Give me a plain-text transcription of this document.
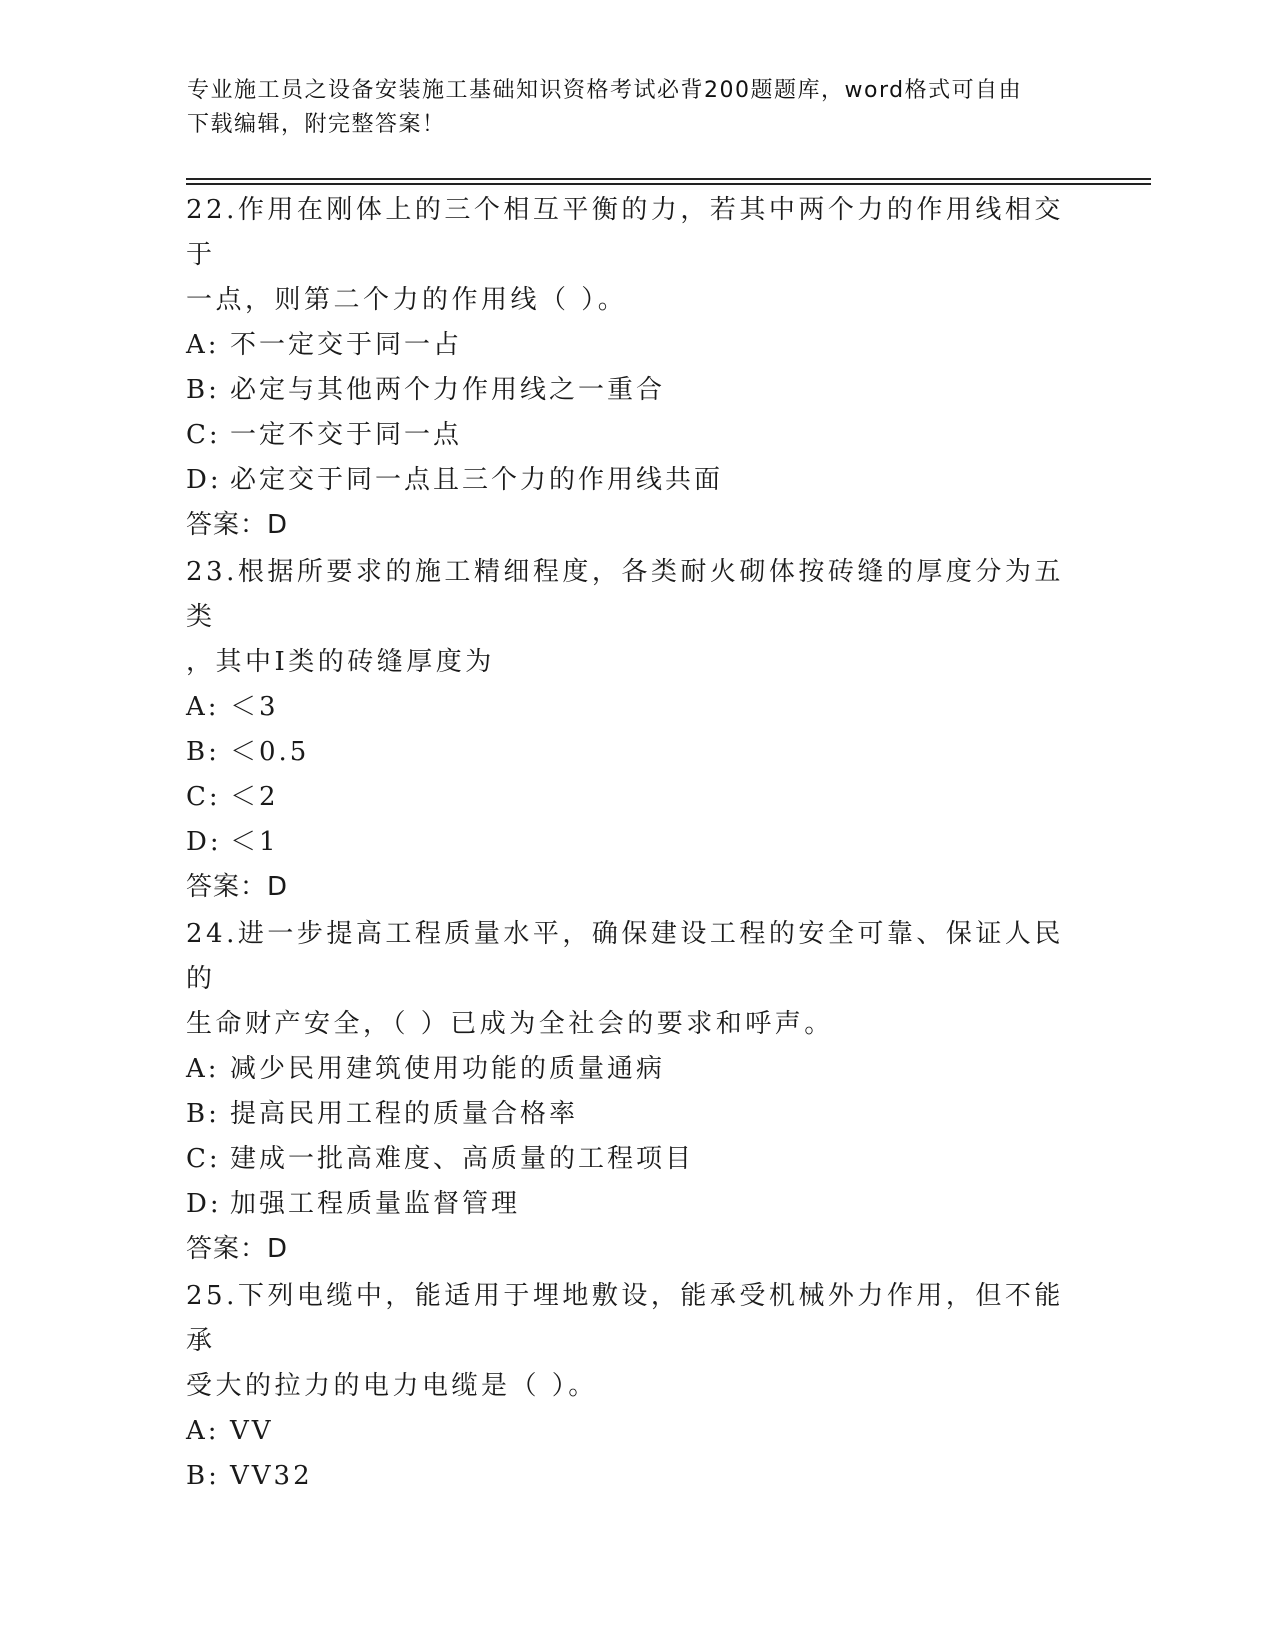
专业施工员之设备安装施工基础知识资格考试必背200题题库，word格式可自由
下载编辑，附完整答案！

22.作用在刚体上的三个相互平衡的力，若其中两个力的作用线相交于
一点，则第二个力的作用线（ ）。

A: 不一定交于同一占

B: 必定与其他两个力作用线之一重合

C: 一定不交于同一点

D: 必定交于同一点且三个力的作用线共面

答案：D

23.根据所要求的施工精细程度，各类耐火砌体按砖缝的厚度分为五类
，其中Ⅰ类的砖缝厚度为

A: ＜3

B: ＜0.5

C: ＜2

D: ＜1

答案：D

24.进一步提高工程质量水平，确保建设工程的安全可靠、保证人民的
生命财产安全，（ ）已成为全社会的要求和呼声。

A: 减少民用建筑使用功能的质量通病

B: 提高民用工程的质量合格率

C: 建成一批高难度、高质量的工程项目

D: 加强工程质量监督管理

答案：D

25.下列电缆中，能适用于埋地敷设，能承受机械外力作用，但不能承
受大的拉力的电力电缆是（ ）。

A: VV

B: VV32
